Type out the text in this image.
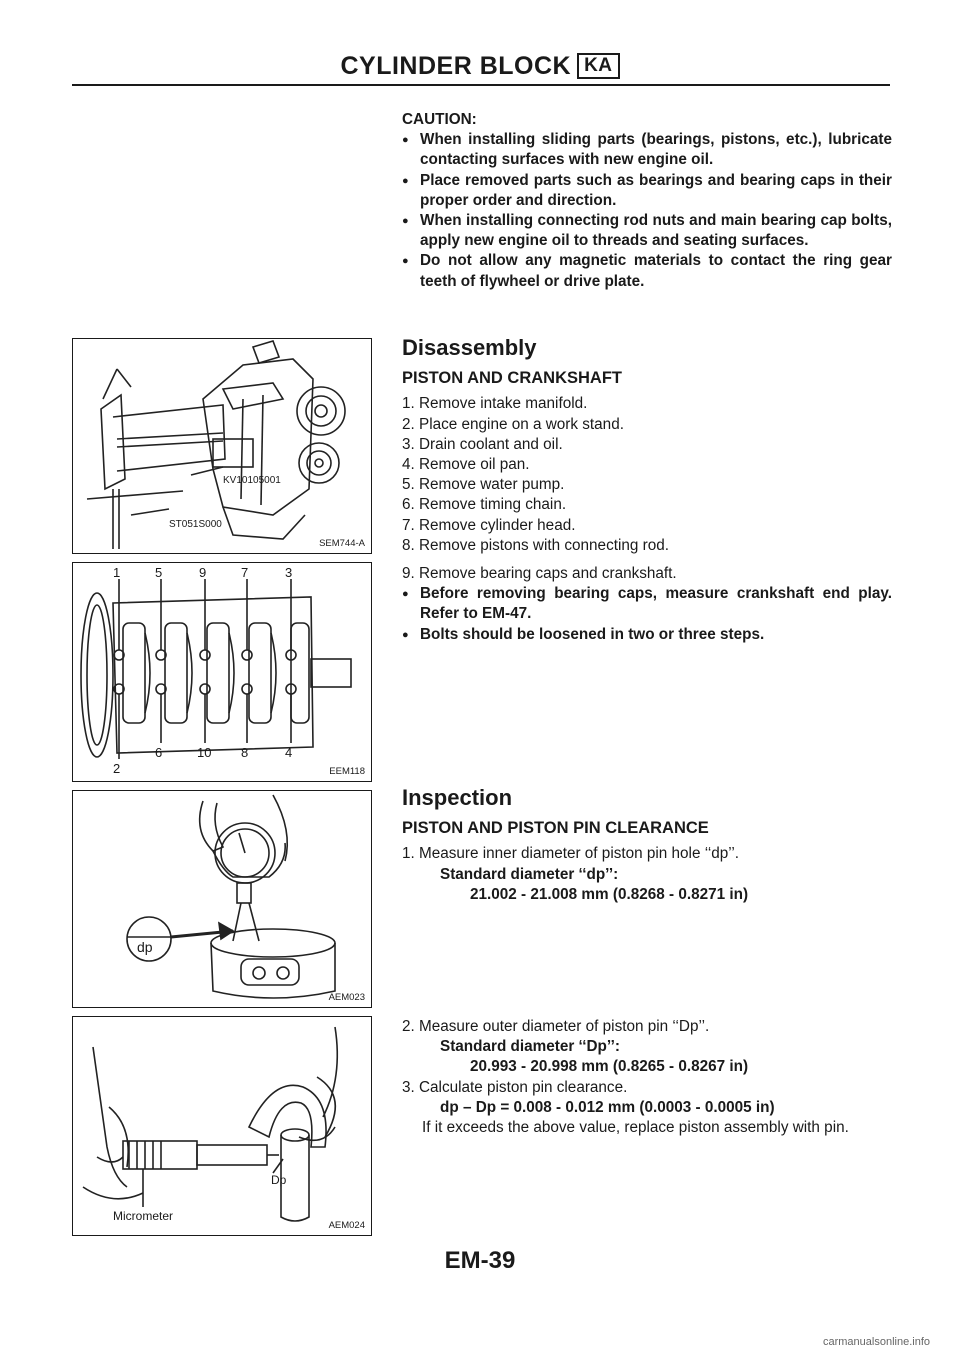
CYLINDER BLOCK KA
CAUTION:
● When installing sliding parts (bearings, pistons, etc.), lubricate contacting surfaces with new engine oil.
● Place removed parts such as bearings and bearing caps in their proper order and direction.
● When installing connecting rod nuts and main bearing cap bolts, apply new engine oil to threads and seating surfaces.
● Do not allow any magnetic materials to contact the ring gear teeth of flywheel or drive plate.
KV10105001
ST051S000
SEM744-A
1	5	9	7	3
2
6	10 8	4
EEM118
dp
AEM023
Dp
Micrometer
AEM024
Disassembly
PISTON AND CRANKSHAFT
1. Remove intake manifold.
2. Place engine on a work stand.
3. Drain coolant and oil.
4. Remove oil pan.
5. Remove water pump.
6. Remove timing chain.
7. Remove cylinder head.
8. Remove pistons with connecting rod.
9. Remove bearing caps and crankshaft.
● Before removing bearing caps, measure crankshaft end play. Refer to EM-47.
● Bolts should be loosened in two or three steps.
Inspection
PISTON AND PISTON PIN CLEARANCE
1. Measure inner diameter of piston pin hole ‘‘dp’’.
Standard diameter ‘‘dp’’:
21.002 - 21.008 mm (0.8268 - 0.8271 in)
2. Measure outer diameter of piston pin ‘‘Dp’’.
Standard diameter ‘‘Dp’’:
20.993 - 20.998 mm (0.8265 - 0.8267 in)
3. Calculate piston pin clearance.
dp – Dp = 0.008 - 0.012 mm (0.0003 - 0.0005 in)
If it exceeds the above value, replace piston assembly with pin.
EM-39
carmanualsonline.info
